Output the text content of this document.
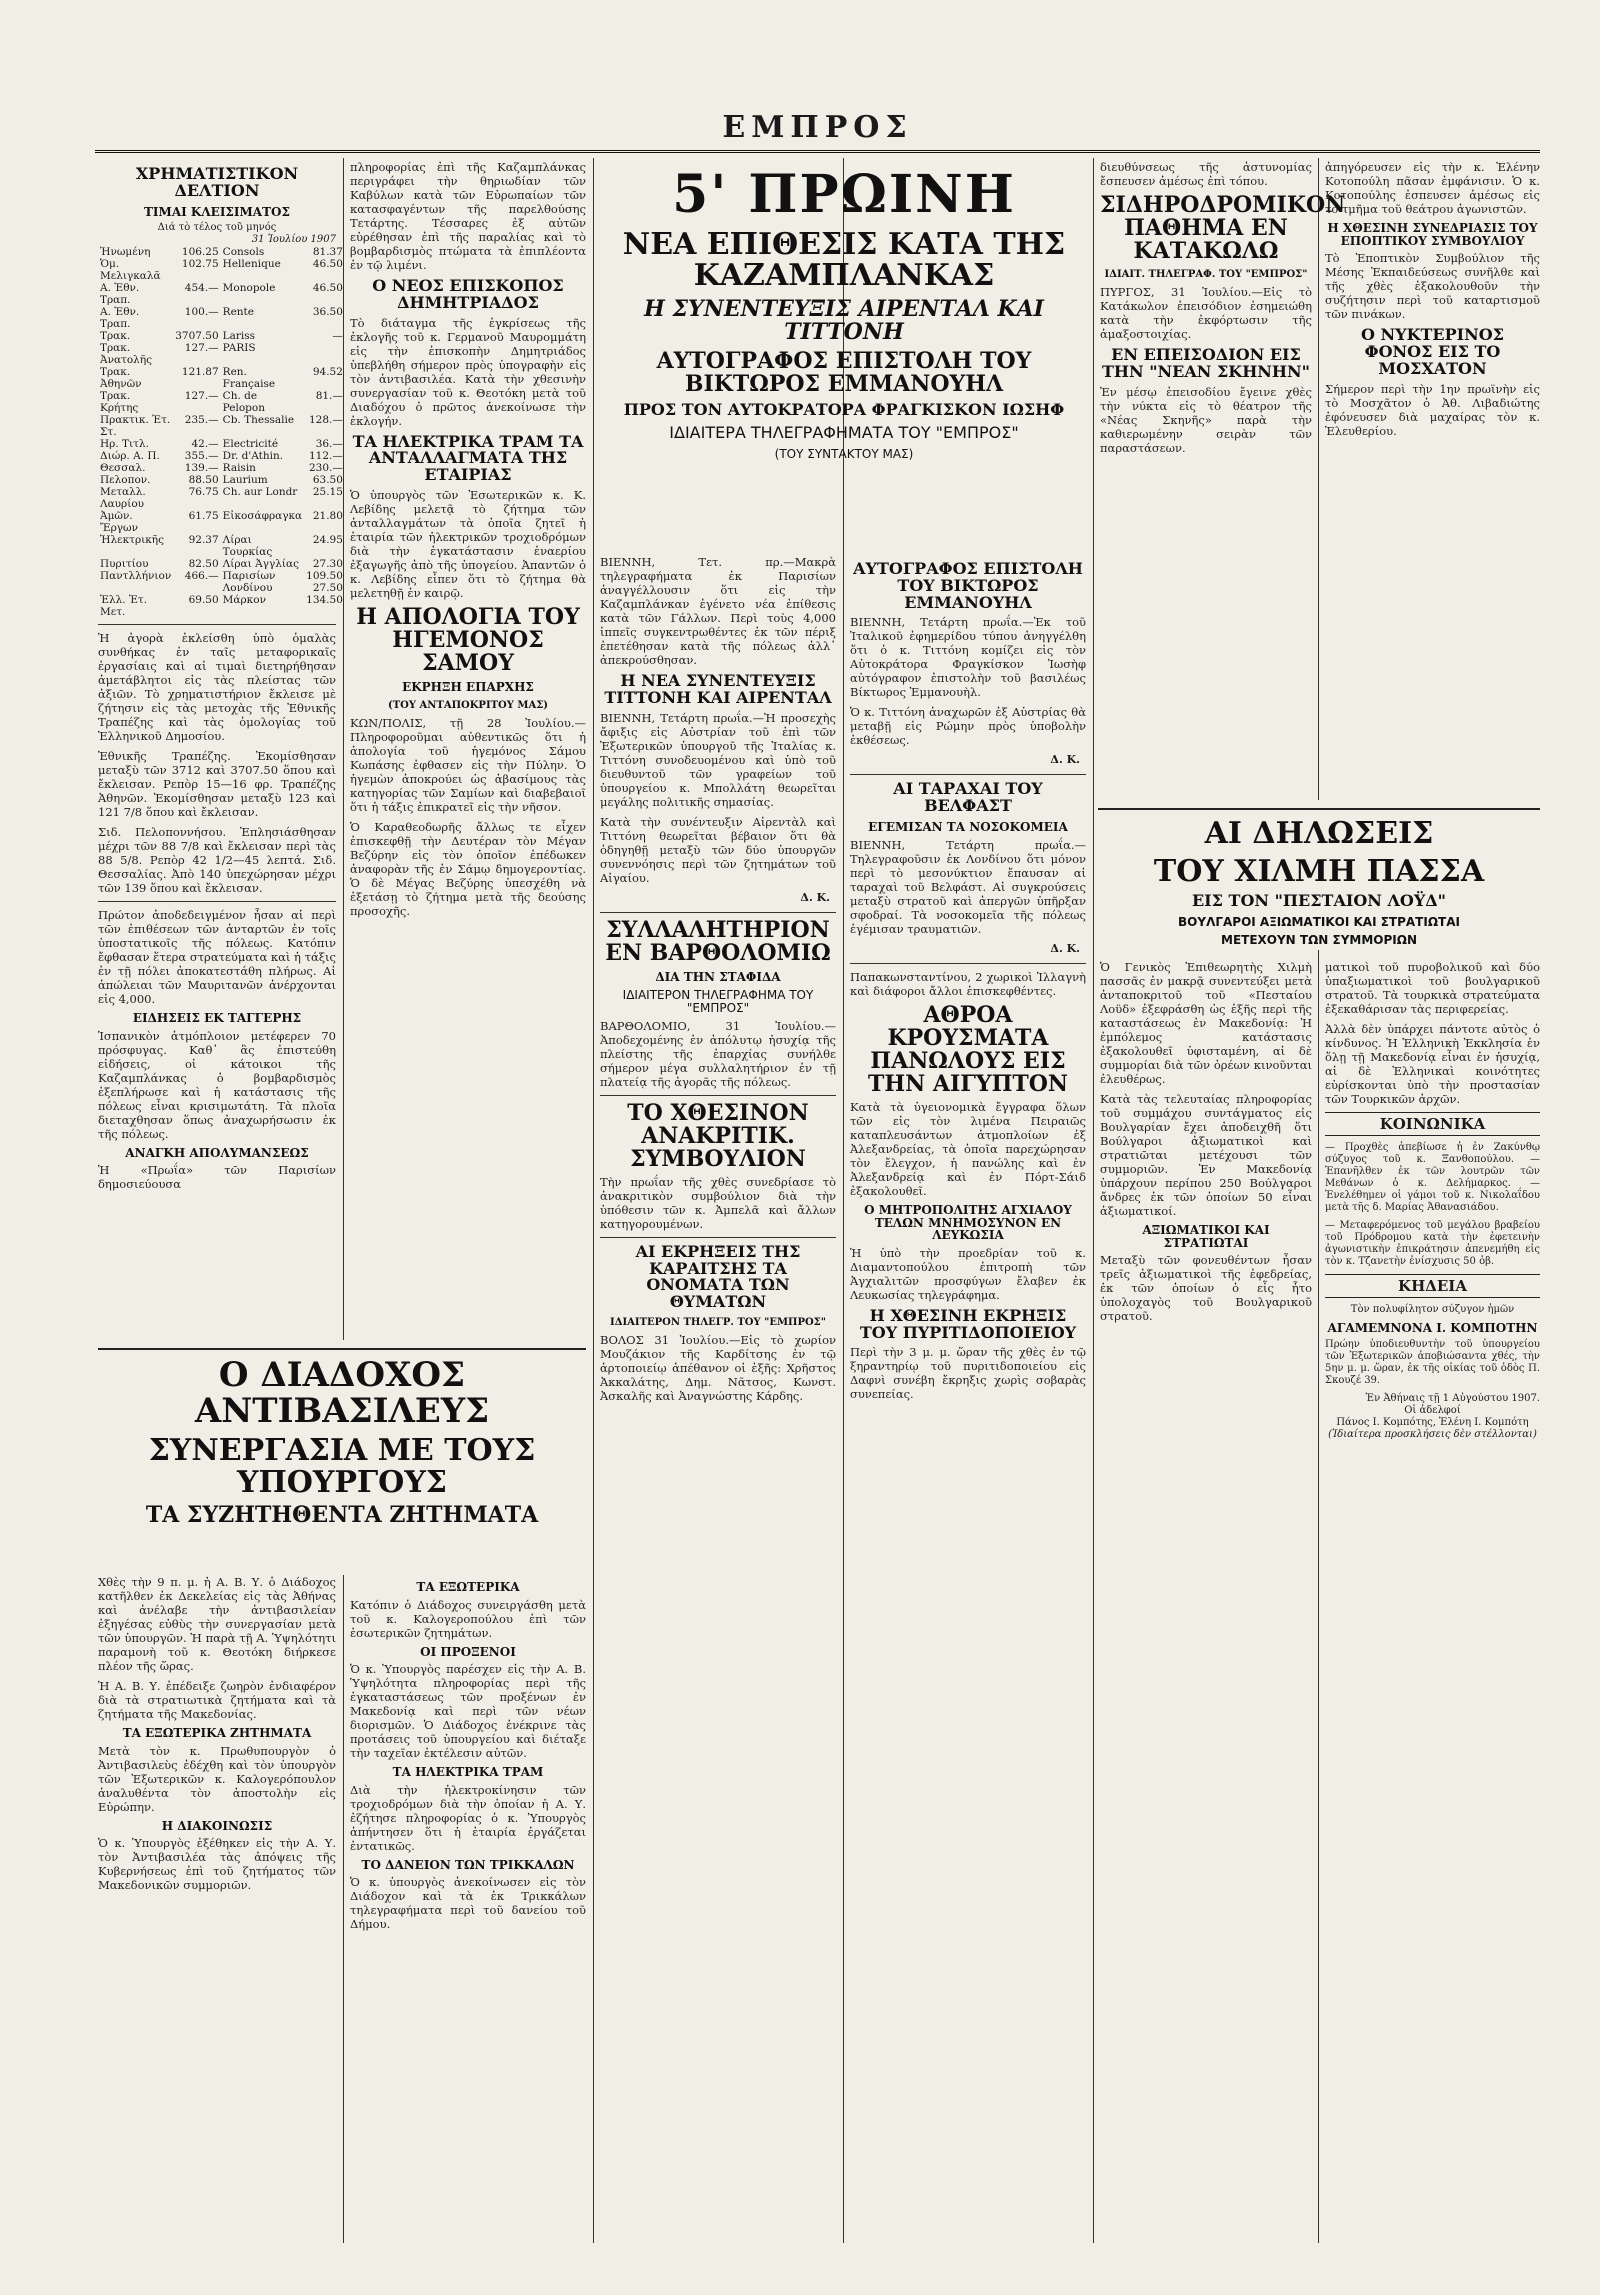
ΕΜΠΡΟΣ
ΧΡΗΜΑΤΙΣΤΙΚΟΝ ΔΕΛΤΙΟΝ
ΤΙΜΑΙ ΚΛΕΙΣΙΜΑΤΟΣ
Διά τὸ τέλος τοῦ μηνός
31 Ἰουλίου 1907
Ἠνωμένη	106.25	Consols	81.37
Ὁμ. Μελιγκαλᾶ	102.75	Hellenique	46.50
Α. Ἐθν. Τραπ.	454.—	Monopole	46.50
Α. Ἐθν. Τραπ.	100.—	Rente	36.50
Τρακ.	3707.50	Lariss	—
Τρακ. Ἀνατολῆς	127.—	PARIS	
Τρακ. Ἀθηνῶν	121.87	Ren. Française	94.52
Τρακ. Κρήτης	127.—	Ch. de Pelopon	81.—
Πρακτικ. Ἐτ. Στ.	235.—	Cb. Thessalie	128.—
Ηρ. Τιτλ.	42.—	Electricité	36.—
Διώρ. Α. Π.	355.—	Dr. d'Athin.	112.—
Θεσσαλ.	139.—	Raisin	230.—
Πελοπον.	88.50	Laurium	63.50
Μεταλλ. Λαυρίου	76.75	Ch. aur Londr	25.15
Ἀμῶν. Ἔργων	61.75	Εἰκοσάφραγκα	21.80
Ἠλεκτρικῆς	92.37	Λίραι Τουρκίας	24.95
Πυριτίου	82.50	Λίραι Ἀγγλίας	27.30
Παντλλήνιον	466.—	Παρισίων	109.50
		Λονδίνου	27.50
Ἐλλ. Ἐτ. Μετ.	69.50	Μάρκον	134.50

Ἡ ἀγορὰ ἐκλείσθη ὑπὸ ὁμαλὰς συνθήκας ἐν ταῖς μεταφορικαῖς ἐργασίαις καὶ αἱ τιμαὶ διετηρήθησαν ἀμετάβλητοι εἰς τὰς πλείστας τῶν ἀξιῶν. Τὸ χρηματιστήριον ἔκλεισε μὲ ζήτησιν εἰς τὰς μετοχὰς τῆς Ἐθνικῆς Τραπέζης καὶ τὰς ὁμολογίας τοῦ Ἑλληνικοῦ Δημοσίου.

Ἐθνικῆς Τραπέζης. Ἐκομίσθησαν μεταξὺ τῶν 3712 καὶ 3707.50 ὅπου καὶ ἔκλεισαν. Ρεπὸρ 15—16 φρ. Τραπέζης Ἀθηνῶν. Ἐκομίσθησαν μεταξὺ 123 καὶ 121 7/8 ὅπου καὶ ἔκλεισαν.

Σιδ. Πελοποννήσου. Ἐπλησιάσθησαν μέχρι τῶν 88 7/8 καὶ ἔκλεισαν περὶ τὰς 88 5/8. Ρεπὸρ 42 1/2—45 λεπτά. Σιδ. Θεσσαλίας. Ἀπὸ 140 ὑπεχώρησαν μέχρι τῶν 139 ὅπου καὶ ἔκλεισαν.

Πρώτον ἀποδεδειγμένον ἦσαν αἱ περὶ τῶν ἐπιθέσεων τῶν ἀνταρτῶν ἐν τοῖς ὑποστατικοῖς τῆς πόλεως. Κατόπιν ἔφθασαν ἕτερα στρατεύματα καὶ ἡ τάξις ἐν τῇ πόλει ἀποκατεστάθη πλήρως. Αἱ ἀπώλειαι τῶν Μαυριτανῶν ἀνέρχονται εἰς 4,000.

ΕΙΔΗΣΕΙΣ ΕΚ ΤΑΓΓΕΡΗΣ

Ἱσπανικὸν ἀτμόπλοιον μετέφερεν 70 πρόσφυγας. Καθ᾽ ἃς ἐπιστεύθη εἰδήσεις, οἱ κάτοικοι τῆς Καζαμπλάνκας ὁ βομβαρδισμὸς ἐξεπλήρωσε καὶ ἡ κατάστασις τῆς πόλεως εἶναι κρισιμωτάτη. Τὰ πλοῖα διεταχθησαν ὅπως ἀναχωρήσωσιν ἐκ τῆς πόλεως.

ΑΝΑΓΚΗ ΑΠΟΛΥΜΑΝΣΕΩΣ

Ἡ «Πρωΐα» τῶν Παρισίων δημοσιεύουσα

πληροφορίας ἐπὶ τῆς Καζαμπλάνκας περιγράφει τὴν θηριωδίαν τῶν Καβύλων κατὰ τῶν Εὐρωπαίων τῶν κατασφαγέντων τῆς παρελθούσης Τετάρτης. Τέσσαρες ἐξ αὐτῶν εὑρέθησαν ἐπὶ τῆς παραλίας καὶ τὸ βομβαρδισμὸς πτώματα τὰ ἐπιπλέοντα ἐν τῷ λιμένι.

Ο ΝΕΟΣ ΕΠΙΣΚΟΠΟΣ ΔΗΜΗΤΡΙΑΔΟΣ

Τὸ διάταγμα τῆς ἐγκρίσεως τῆς ἐκλογῆς τοῦ κ. Γερμανοῦ Μαυρομμάτη εἰς τὴν ἐπισκοπὴν Δημητριάδος ὑπεβλήθη σήμερον πρὸς ὑπογραφὴν εἰς τὸν ἀντιβασιλέα. Κατὰ τὴν χθεσινὴν συνεργασίαν τοῦ κ. Θεοτόκη μετὰ τοῦ Διαδόχου ὁ πρῶτος ἀνεκοίνωσε τὴν ἐκλογήν.

ΤΑ ΗΛΕΚΤΡΙΚΑ ΤΡΑΜ ΤΑ ΑΝΤΑΛΛΑΓΜΑΤΑ ΤΗΣ ΕΤΑΙΡΙΑΣ

Ὁ ὑπουργὸς τῶν Ἐσωτερικῶν κ. Κ. Λεβίδης μελετᾷ τὸ ζήτημα τῶν ἀνταλλαγμάτων τὰ ὁποῖα ζητεῖ ἡ ἑταιρία τῶν ἠλεκτρικῶν τροχιοδρόμων διὰ τὴν ἐγκατάστασιν ἐναερίου ἐξαγωγῆς ἀπὸ τῆς ὑπογείου. Ἀπαντῶν ὁ κ. Λεβίδης εἶπεν ὅτι τὸ ζήτημα θὰ μελετηθῇ ἐν καιρῷ.

Η ΑΠΟΛΟΓΙΑ ΤΟΥ ΗΓΕΜΟΝΟΣ ΣΑΜΟΥ
ΕΚΡΗΞΗ ΕΠΑΡΧΗΣ
(ΤΟΥ ΑΝΤΑΠΟΚΡΙΤΟΥ ΜΑΣ)

ΚΩΝ/ΠΟΛΙΣ, τῇ 28 Ἰουλίου.—Πληροφοροῦμαι αὐθεντικῶς ὅτι ἡ ἀπολογία τοῦ ἡγεμόνος Σάμου Κωπάσης ἐφθασεν εἰς τὴν Πύλην. Ὁ ἡγεμὼν ἀποκρούει ὡς ἀβασίμους τὰς κατηγορίας τῶν Σαμίων καὶ διαβεβαιοῖ ὅτι ἡ τάξις ἐπικρατεῖ εἰς τὴν νῆσον.

Ὁ Καραθεοδωρῆς ἄλλως τε εἶχεν ἐπισκεφθῇ τὴν Δευτέραν τὸν Μέγαν Βεζύρην εἰς τὸν ὁποῖον ἐπέδωκεν ἀναφορὰν τῆς ἐν Σάμῳ δημογεροντίας. Ὁ δὲ Μέγας Βεζύρης ὑπεσχέθη νὰ ἐξετάσῃ τὸ ζήτημα μετὰ τῆς δεούσης προσοχῆς.

ΤΑ ΕΞΩΤΕΡΙΚΑ

Κατόπιν ὁ Διάδοχος συνειργάσθη μετὰ τοῦ κ. Καλογεροπούλου ἐπὶ τῶν ἐσωτερικῶν ζητημάτων.

ΟΙ ΠΡΟΞΕΝΟΙ

Ὁ κ. Ὑπουργὸς παρέσχεν εἰς τὴν Α. Β. Ὑψηλότητα πληροφορίας περὶ τῆς ἐγκαταστάσεως τῶν προξένων ἐν Μακεδονίᾳ καὶ περὶ τῶν νέων διορισμῶν. Ὁ Διάδοχος ἐνέκρινε τὰς προτάσεις τοῦ ὑπουργείου καὶ διέταξε τὴν ταχεῖαν ἐκτέλεσιν αὐτῶν.

ΤΑ ΗΛΕΚΤΡΙΚΑ ΤΡΑΜ

Διὰ τὴν ἠλεκτροκίνησιν τῶν τροχιοδρόμων διὰ τὴν ὁποίαν ἡ Α. Υ. ἐζήτησε πληροφορίας ὁ κ. Ὑπουργὸς ἀπήντησεν ὅτι ἡ ἑταιρία ἐργάζεται ἐντατικῶς.

ΤΟ ΔΑΝΕΙΟΝ ΤΩΝ ΤΡΙΚΚΑΛΩΝ

Ὁ κ. ὑπουργὸς ἀνεκοίνωσεν εἰς τὸν Διάδοχον καὶ τὰ ἐκ Τρικκάλων τηλεγραφήματα περὶ τοῦ δανείου τοῦ Δήμου.

5' ΠΡΩΙΝΗ
ΝΕΑ ΕΠΙΘΕΣΙΣ ΚΑΤΑ ΤΗΣ ΚΑΖΑΜΠΛΑΝΚΑΣ
Η ΣΥΝΕΝΤΕΥΞΙΣ ΑΙΡΕΝΤΑΛ ΚΑΙ ΤΙΤΤΟΝΗ
ΑΥΤΟΓΡΑΦΟΣ ΕΠΙΣΤΟΛΗ ΤΟΥ ΒΙΚΤΩΡΟΣ ΕΜΜΑΝΟΥΗΛ
ΠΡΟΣ ΤΟΝ ΑΥΤΟΚΡΑΤΟΡΑ ΦΡΑΓΚΙΣΚΟΝ ΙΩΣΗΦ
ΙΔΙΑΙΤΕΡΑ ΤΗΛΕΓΡΑΦΗΜΑΤΑ ΤΟΥ "ΕΜΠΡΟΣ"
(ΤΟΥ ΣΥΝΤΑΚΤΟΥ ΜΑΣ)

ΒΙΕΝΝΗ, Τετ. πρ.—Μακρὰ τηλεγραφήματα ἐκ Παρισίων ἀναγγέλλουσιν ὅτι εἰς τὴν Καζαμπλάνκαν ἐγένετο νέα ἐπίθεσις κατὰ τῶν Γάλλων. Περὶ τοὺς 4,000 ἱππεῖς συγκεντρωθέντες ἐκ τῶν πέριξ ἐπετέθησαν κατὰ τῆς πόλεως ἀλλ᾽ ἀπεκρούσθησαν.

Η ΝΕΑ ΣΥΝΕΝΤΕΥΞΙΣ ΤΙΤΤΟΝΗ ΚΑΙ ΑΙΡΕΝΤΑΛ

ΒΙΕΝΝΗ, Τετάρτη πρωΐα.—Ἡ προσεχὴς ἄφιξις εἰς Αὐστρίαν τοῦ ἐπὶ τῶν Ἐξωτερικῶν ὑπουργοῦ τῆς Ἰταλίας κ. Τιττόνη συνοδευομένου καὶ ὑπὸ τοῦ διευθυντοῦ τῶν γραφείων τοῦ ὑπουργείου κ. Μπολλάτη θεωρεῖται μεγάλης πολιτικῆς σημασίας.

Κατὰ τὴν συνέντευξιν Αἰρεντὰλ καὶ Τιττόνη θεωρεῖται βέβαιον ὅτι θὰ ὁδηγηθῇ μεταξὺ τῶν δύο ὑπουργῶν συνεννόησις περὶ τῶν ζητημάτων τοῦ Αἰγαίου.

Δ. Κ.
ΣΥΛΛΑΛΗΤΗΡΙΟΝ ΕΝ ΒΑΡΘΟΛΟΜΙΩ
ΔΙΑ ΤΗΝ ΣΤΑΦΙΔΑ
ΙΔΙΑΙΤΕΡΟΝ ΤΗΛΕΓΡΑΦΗΜΑ ΤΟΥ "ΕΜΠΡΟΣ"

ΒΑΡΘΟΛΟΜΙΟ, 31 Ἰουλίου.—Ἀποδεχομένης ἐν ἀπόλυτῳ ἡσυχίᾳ τῆς πλείστης τῆς ἐπαρχίας συνήλθε σήμερον μέγα συλλαλητήριον ἐν τῇ πλατείᾳ τῆς ἀγορᾶς τῆς πόλεως.

ΤΟ ΧΘΕΣΙΝΟΝ ΑΝΑΚΡΙΤΙΚ. ΣΥΜΒΟΥΛΙΟΝ

Τὴν πρωΐαν τῆς χθὲς συνεδρίασε τὸ ἀνακριτικὸν συμβούλιον διὰ τὴν ὑπόθεσιν τῶν κ. Ἀμπελᾶ καὶ ἄλλων κατηγορουμένων.

ΑΙ ΕΚΡΗΞΕΙΣ ΤΗΣ ΚΑΡΑΙΤΣΗΣ ΤΑ ΟΝΟΜΑΤΑ ΤΩΝ ΘΥΜΑΤΩΝ
ΙΔΙΑΙΤΕΡΟΝ ΤΗΛΕΓΡ. ΤΟΥ "ΕΜΠΡΟΣ"

ΒΟΛΟΣ 31 Ἰουλίου.—Εἰς τὸ χωρίον Μουζάκιον τῆς Καρδίτσης ἐν τῷ ἀρτοποιείῳ ἀπέθανον οἱ ἑξῆς: Χρῆστος Ἀκκαλάτης, Δημ. Νᾶτσος, Κωνστ. Ἀσκαλῆς καὶ Ἀναγνώστης Κάρδης.

ΑΥΤΟΓΡΑΦΟΣ ΕΠΙΣΤΟΛΗ ΤΟΥ ΒΙΚΤΩΡΟΣ ΕΜΜΑΝΟΥΗΛ

ΒΙΕΝΝΗ, Τετάρτη πρωΐα.—Ἐκ τοῦ Ἰταλικοῦ ἐφημερίδου τύπου ἀνηγγέλθη ὅτι ὁ κ. Τιττόνη κομίζει εἰς τὸν Αὐτοκράτορα Φραγκίσκον Ἰωσὴφ αὐτόγραφον ἐπιστολὴν τοῦ βασιλέως Βίκτωρος Ἐμμανουὴλ.

Ὁ κ. Τιττόνη ἀναχωρῶν ἐξ Αὐστρίας θὰ μεταβῇ εἰς Ρώμην πρὸς ὑποβολὴν ἐκθέσεως.

Δ. Κ.
ΑΙ ΤΑΡΑΧΑΙ ΤΟΥ ΒΕΛΦΑΣΤ
ΕΓΕΜΙΣΑΝ ΤΑ ΝΟΣΟΚΟΜΕΙΑ

ΒΙΕΝΝΗ, Τετάρτη πρωΐα.—Τηλεγραφοῦσιν ἐκ Λονδίνου ὅτι μόνον περὶ τὸ μεσονύκτιον ἔπαυσαν αἱ ταραχαὶ τοῦ Βελφάστ. Αἱ συγκρούσεις μεταξὺ στρατοῦ καὶ ἀπεργῶν ὑπῆρξαν σφοδραί. Τὰ νοσοκομεῖα τῆς πόλεως ἐγέμισαν τραυματιῶν.

Δ. Κ.

Παπακωνσταντίνου, 2 χωρικοὶ Ἰλλαγνὴ καὶ διάφοροι ἄλλοι ἐπισκεφθέντες.

ΑΘΡΟΑ ΚΡΟΥΣΜΑΤΑ ΠΑΝΩΛΟΥΣ ΕΙΣ ΤΗΝ ΑΙΓΥΠΤΟΝ

Κατὰ τὰ ὑγειονομικὰ ἔγγραφα ὅλων τῶν εἰς τὸν λιμένα Πειραιῶς καταπλευσάντων ἀτμοπλοίων ἐξ Ἀλεξανδρείας, τὰ ὁποῖα παρεχώρησαν τὸν ἔλεγχον, ἡ πανώλης καὶ ἐν Ἀλεξανδρείᾳ καὶ ἐν Πόρτ-Σάιδ ἐξακολουθεῖ.

Ο ΜΗΤΡΟΠΟΛΙΤΗΣ ΑΓΧΙΑΛΟΥ ΤΕΛΩΝ ΜΝΗΜΟΣΥΝΟΝ ΕΝ ΛΕΥΚΩΣΙΑ

Ἡ ὑπὸ τὴν προεδρίαν τοῦ κ. Διαμαντοπούλου ἐπιτροπὴ τῶν Ἀγχιαλιτῶν προσφύγων ἔλαβεν ἐκ Λευκωσίας τηλεγράφημα.

Η ΧΘΕΣΙΝΗ ΕΚΡΗΞΙΣ ΤΟΥ ΠΥΡΙΤΙΔΟΠΟΙΕΙΟΥ

Περὶ τὴν 3 μ. μ. ὥραν τῆς χθὲς ἐν τῷ ξηραντηρίῳ τοῦ πυριτιδοποιείου εἰς Δαφνὶ συνέβη ἔκρηξις χωρὶς σοβαρὰς συνεπείας.

διευθύνσεως τῆς ἀστυνομίας ἔσπευσεν ἀμέσως ἐπὶ τόπου.

ΣΙΔΗΡΟΔΡΟΜΙΚΟΝ ΠΑΘΗΜΑ ΕΝ ΚΑΤΑΚΩΛΩ
ΙΔΙΑΙΤ. ΤΗΛΕΓΡΑΦ. ΤΟΥ "ΕΜΠΡΟΣ"

ΠΥΡΓΟΣ, 31 Ἰουλίου.—Εἰς τὸ Κατάκωλον ἐπεισόδιον ἐσημειώθη κατὰ τὴν ἐκφόρτωσιν τῆς ἀμαξοστοιχίας.

ΕΝ ΕΠΕΙΣΟΔΙΟΝ ΕΙΣ ΤΗΝ "ΝΕΑΝ ΣΚΗΝΗΝ"

Ἐν μέσῳ ἐπεισοδίου ἔγεινε χθὲς τὴν νύκτα εἰς τὸ θέατρον τῆς «Νέας Σκηνῆς» παρὰ τὴν καθιερωμένην σειρὰν τῶν παραστάσεων.

ἀπηγόρευσεν εἰς τὴν κ. Ἑλένην Κοτοπούλη πᾶσαν ἐμφάνισιν. Ὁ κ. Κοτοπούλης ἐσπευσεν ἀμέσως εἰς τὸ τμῆμα τοῦ θεάτρου ἀγωνιστῶν.

Η ΧΘΕΣΙΝΗ ΣΥΝΕΔΡΙΑΣΙΣ ΤΟΥ ΕΠΟΠΤΙΚΟΥ ΣΥΜΒΟΥΛΙΟΥ

Τὸ Ἐποπτικὸν Συμβούλιον τῆς Μέσης Ἐκπαιδεύσεως συνῆλθε καὶ τῆς χθὲς ἐξακολουθοῦν τὴν συζήτησιν περὶ τοῦ καταρτισμοῦ τῶν πινάκων.

Ο ΝΥΚΤΕΡΙΝΟΣ ΦΟΝΟΣ ΕΙΣ ΤΟ ΜΟΣΧΑΤΟΝ

Σήμερον περὶ τὴν 1ην πρωϊνὴν εἰς τὸ Μοσχᾶτον ὁ Ἀθ. Λιβαδιώτης ἐφόνευσεν διὰ μαχαίρας τὸν κ. Ἐλευθερίου.

ΑΙ ΔΗΛΩΣΕΙΣ
ΤΟΥ ΧΙΛΜΗ ΠΑΣΣΑ
ΕΙΣ ΤΟΝ "ΠΕΣΤΑΙΟΝ ΛΟΫΔ"
ΒΟΥΛΓΑΡΟΙ ΑΞΙΩΜΑΤΙΚΟΙ ΚΑΙ ΣΤΡΑΤΙΩΤΑΙ
ΜΕΤΕΧΟΥΝ ΤΩΝ ΣΥΜΜΟΡΙΩΝ

Ὁ Γενικὸς Ἐπιθεωρητὴς Χιλμὴ πασσᾶς ἐν μακρᾷ συνεντεύξει μετὰ ἀνταποκριτοῦ τοῦ «Πεσταίου Λοϋδ» ἐξεφράσθη ὡς ἑξῆς περὶ τῆς καταστάσεως ἐν Μακεδονίᾳ: Ἡ ἐμπόλεμος κατάστασις ἐξακολουθεῖ ὑφισταμένη, αἱ δὲ συμμορίαι διὰ τῶν ὀρέων κινοῦνται ἐλευθέρως.

Κατὰ τὰς τελευταίας πληροφορίας τοῦ συμμάχου συντάγματος εἰς Βουλγαρίαν ἔχει ἀποδειχθῆ ὅτι Βούλγαροι ἀξιωματικοὶ καὶ στρατιῶται μετέχουσι τῶν συμμοριῶν. Ἐν Μακεδονίᾳ ὑπάρχουν περίπου 250 Βούλγαροι ἄνδρες ἐκ τῶν ὁποίων 50 εἶναι ἀξιωματικοί.

ΑΞΙΩΜΑΤΙΚΟΙ ΚΑΙ ΣΤΡΑΤΙΩΤΑΙ

Μεταξὺ τῶν φονευθέντων ἦσαν τρεῖς ἀξιωματικοὶ τῆς ἐφεδρείας, ἐκ τῶν ὁποίων ὁ εἷς ἦτο ὑπολοχαγὸς τοῦ Βουλγαρικοῦ στρατοῦ.

ματικοὶ τοῦ πυροβολικοῦ καὶ δύο ὑπαξιωματικοὶ τοῦ βουλγαρικοῦ στρατοῦ. Τὰ τουρκικὰ στρατεύματα ἐξεκαθάρισαν τὰς περιφερείας.

Ἀλλὰ δὲν ὑπάρχει πάντοτε αὐτὸς ὁ κίνδυνος. Ἡ Ἑλληνικὴ Ἐκκλησία ἐν ὅλῃ τῇ Μακεδονίᾳ εἶναι ἐν ἡσυχίᾳ, αἱ δὲ Ἑλληνικαὶ κοινότητες εὑρίσκονται ὑπὸ τὴν προστασίαν τῶν Τουρκικῶν ἀρχῶν.

ΚΟΙΝΩΝΙΚΑ

— Προχθὲς ἀπεβίωσε ἡ ἐν Ζακύνθῳ σύζυγος τοῦ κ. Ξανθοπούλου. — Ἐπανῆλθεν ἐκ τῶν λουτρῶν τῶν Μεθάνων ὁ κ. Δελήμαρκος. — Ἐνελέθημεν οἱ γάμοι τοῦ κ. Νικολαΐδου μετὰ τῆς δ. Μαρίας Ἀθανασιάδου.

— Μεταφερόμενος τοῦ μεγάλου βραβείου τοῦ Πρόδρομου κατὰ τὴν ἐφετεινὴν ἀγωνιστικὴν ἐπικράτησιν ἀπενεμήθη εἰς τὸν κ. Τζανετὴν ἐνίσχυσις 50 ὀβ.

ΚΗΔΕΙΑ
Τὸν πολυφίλητον σύζυγον ἡμῶν
ΑΓΑΜΕΜΝΟΝΑ Ι. ΚΟΜΠΟΤΗΝ

Πρώην ὑποδιευθυντὴν τοῦ ὑπουργείου τῶν Ἐξωτερικῶν ἀποβιώσαντα χθές, τὴν 5ην μ. μ. ὥραν, ἐκ τῆς οἰκίας τοῦ ὁδὸς Π. Σκουζέ 39.

Ἐν Ἀθήναις τῇ 1 Αὐγούστου 1907.
Οἱ ἀδελφοί
Πάνος Ι. Κομπότης, Ἑλένη Ι. Κομπότη
(Ἰδιαίτερα προσκλήσεις δὲν στέλλονται)
Ο ΔΙΑΔΟΧΟΣ ΑΝΤΙΒΑΣΙΛΕΥΣ
ΣΥΝΕΡΓΑΣΙΑ ΜΕ ΤΟΥΣ ΥΠΟΥΡΓΟΥΣ
ΤΑ ΣΥΖΗΤΗΘΕΝΤΑ ΖΗΤΗΜΑΤΑ

Χθὲς τὴν 9 π. μ. ἡ Α. Β. Υ. ὁ Διάδοχος κατῆλθεν ἐκ Δεκελείας εἰς τὰς Ἀθήνας καὶ ἀνέλαβε τὴν ἀντιβασιλείαν ἐξηγέσας εὐθὺς τὴν συνεργασίαν μετὰ τῶν ὑπουργῶν. Ἡ παρὰ τῇ Α. Ὑψηλότητι παραμονὴ τοῦ κ. Θεοτόκη διήρκεσε πλέον τῆς ὥρας.

Ἡ Α. Β. Υ. ἐπέδειξε ζωηρὸν ἐνδιαφέρον διὰ τὰ στρατιωτικὰ ζητήματα καὶ τὰ ζητήματα τῆς Μακεδονίας.

ΤΑ ΕΞΩΤΕΡΙΚΑ ΖΗΤΗΜΑΤΑ

Μετὰ τὸν κ. Πρωθυπουργὸν ὁ Ἀντιβασιλεὺς ἐδέχθη καὶ τὸν ὑπουργὸν τῶν Ἐξωτερικῶν κ. Καλογερόπουλον ἀναλυθέντα τὸν ἀποστολὴν εἰς Εὐρώπην.

Η ΔΙΑΚΟΙΝΩΣΙΣ

Ὁ κ. Ὑπουργὸς ἐξέθηκεν εἰς τὴν Α. Υ. τὸν Ἀντιβασιλέα τὰς ἀπόψεις τῆς Κυβερνήσεως ἐπὶ τοῦ ζητήματος τῶν Μακεδονικῶν συμμοριῶν.
